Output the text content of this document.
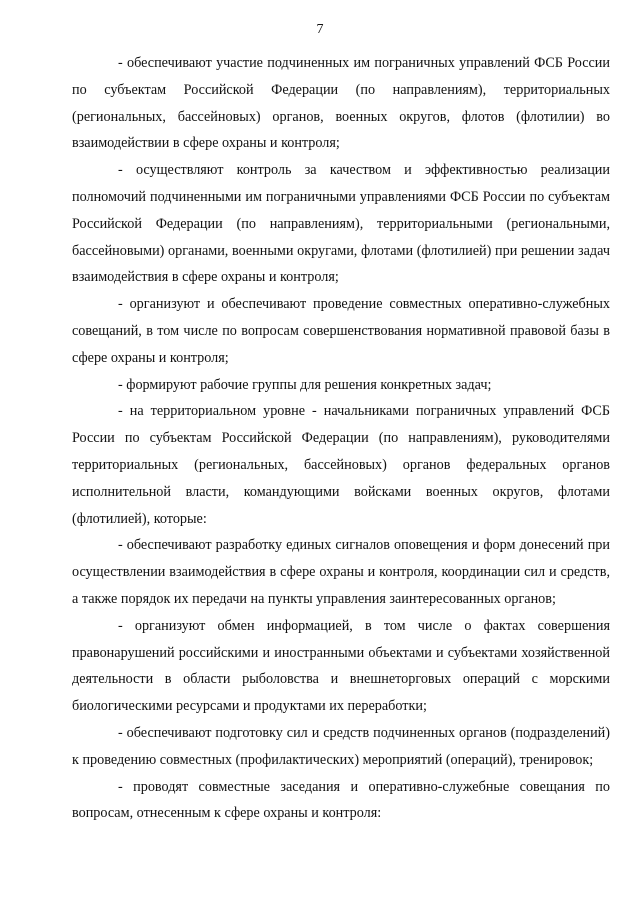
7

- обеспечивают участие подчиненных им пограничных управлений ФСБ России по субъектам Российской Федерации (по направлениям), территориальных (региональных, бассейновых) органов, военных округов, флотов (флотилии) во взаимодействии в сфере охраны и контроля;

- осуществляют контроль за качеством и эффективностью реализации полномочий подчиненными им пограничными управлениями ФСБ России по субъектам Российской Федерации (по направлениям), территориальными (региональными, бассейновыми) органами, военными округами, флотами (флотилией) при решении задач взаимодействия в сфере охраны и контроля;

- организуют и обеспечивают проведение совместных оперативно-служебных совещаний, в том числе по вопросам совершенствования нормативной правовой базы в сфере охраны и контроля;

- формируют рабочие группы для решения конкретных задач;

- на территориальном уровне - начальниками пограничных управлений ФСБ России по субъектам Российской Федерации (по направлениям), руководителями территориальных (региональных, бассейновых) органов федеральных органов исполнительной власти, командующими войсками военных округов, флотами (флотилией), которые:

- обеспечивают разработку единых сигналов оповещения и форм донесений при осуществлении взаимодействия в сфере охраны и контроля, координации сил и средств, а также порядок их передачи на пункты управления заинтересованных органов;

- организуют обмен информацией, в том числе о фактах совершения правонарушений российскими и иностранными объектами и субъектами хозяйственной деятельности в области рыболовства и внешнеторговых операций с морскими биологическими ресурсами и продуктами их переработки;

- обеспечивают подготовку сил и средств подчиненных органов (подразделений) к проведению совместных (профилактических) мероприятий (операций), тренировок;

- проводят совместные заседания и оперативно-служебные совещания по вопросам, отнесенным к сфере охраны и контроля:
